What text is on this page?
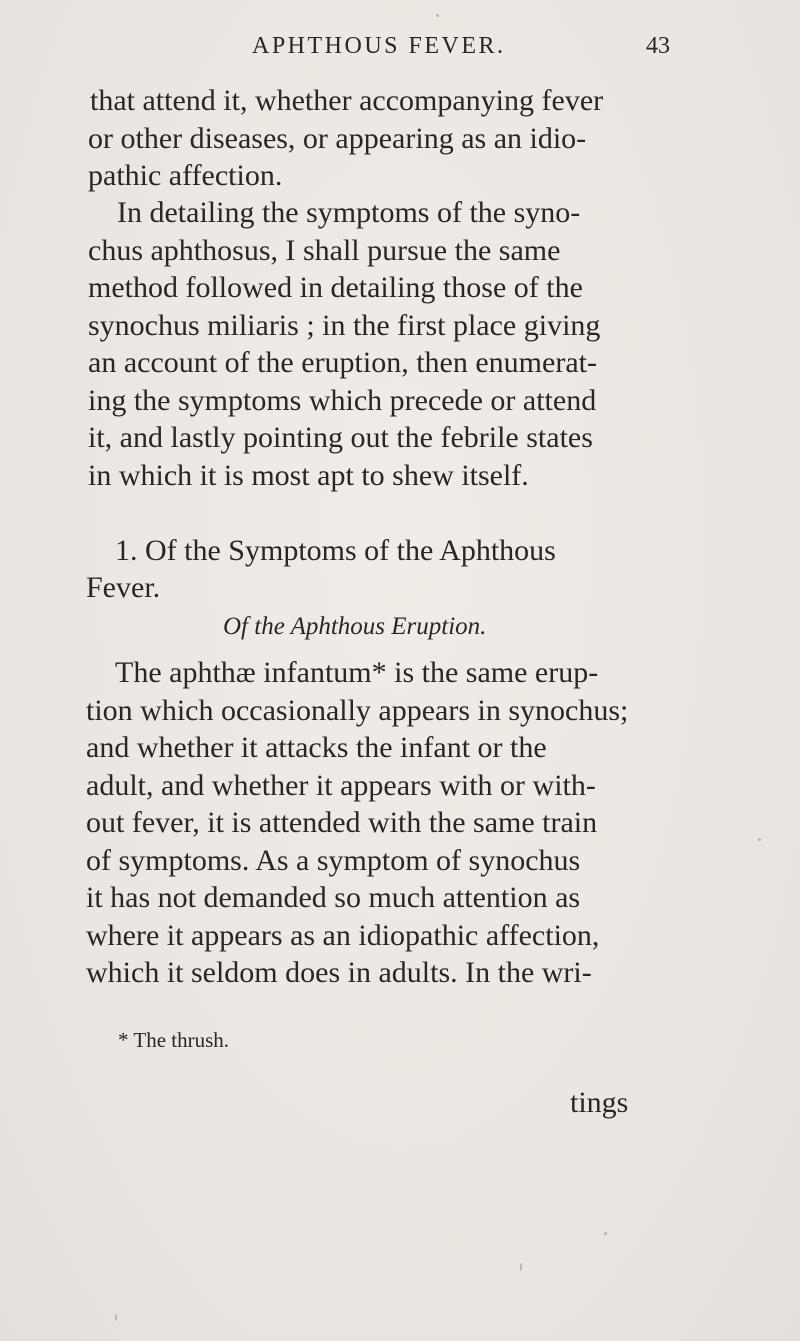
APHTHOUS FEVER.	43
that attend it, whether accompanying fever
or other diseases, or appearing as an idio-
pathic affection.
In detailing the symptoms of the syno-
chus aphthosus, I shall pursue the same
method followed in detailing those of the
synochus miliaris ; in the first place giving
an account of the eruption, then enumerat-
ing the symptoms which precede or attend
it, and lastly pointing out the febrile states
in which it is most apt to shew itself.
1. Of the Symptoms of the Aphthous
Fever.
Of the Aphthous Eruption.
The aphthæ infantum* is the same erup-
tion which occasionally appears in synochus;
and whether it attacks the infant or the
adult, and whether it appears with or with-
out fever, it is attended with the same train
of symptoms. As a symptom of synochus
it has not demanded so much attention as
where it appears as an idiopathic affection,
which it seldom does in adults. In the wri-
* The thrush.
tings
